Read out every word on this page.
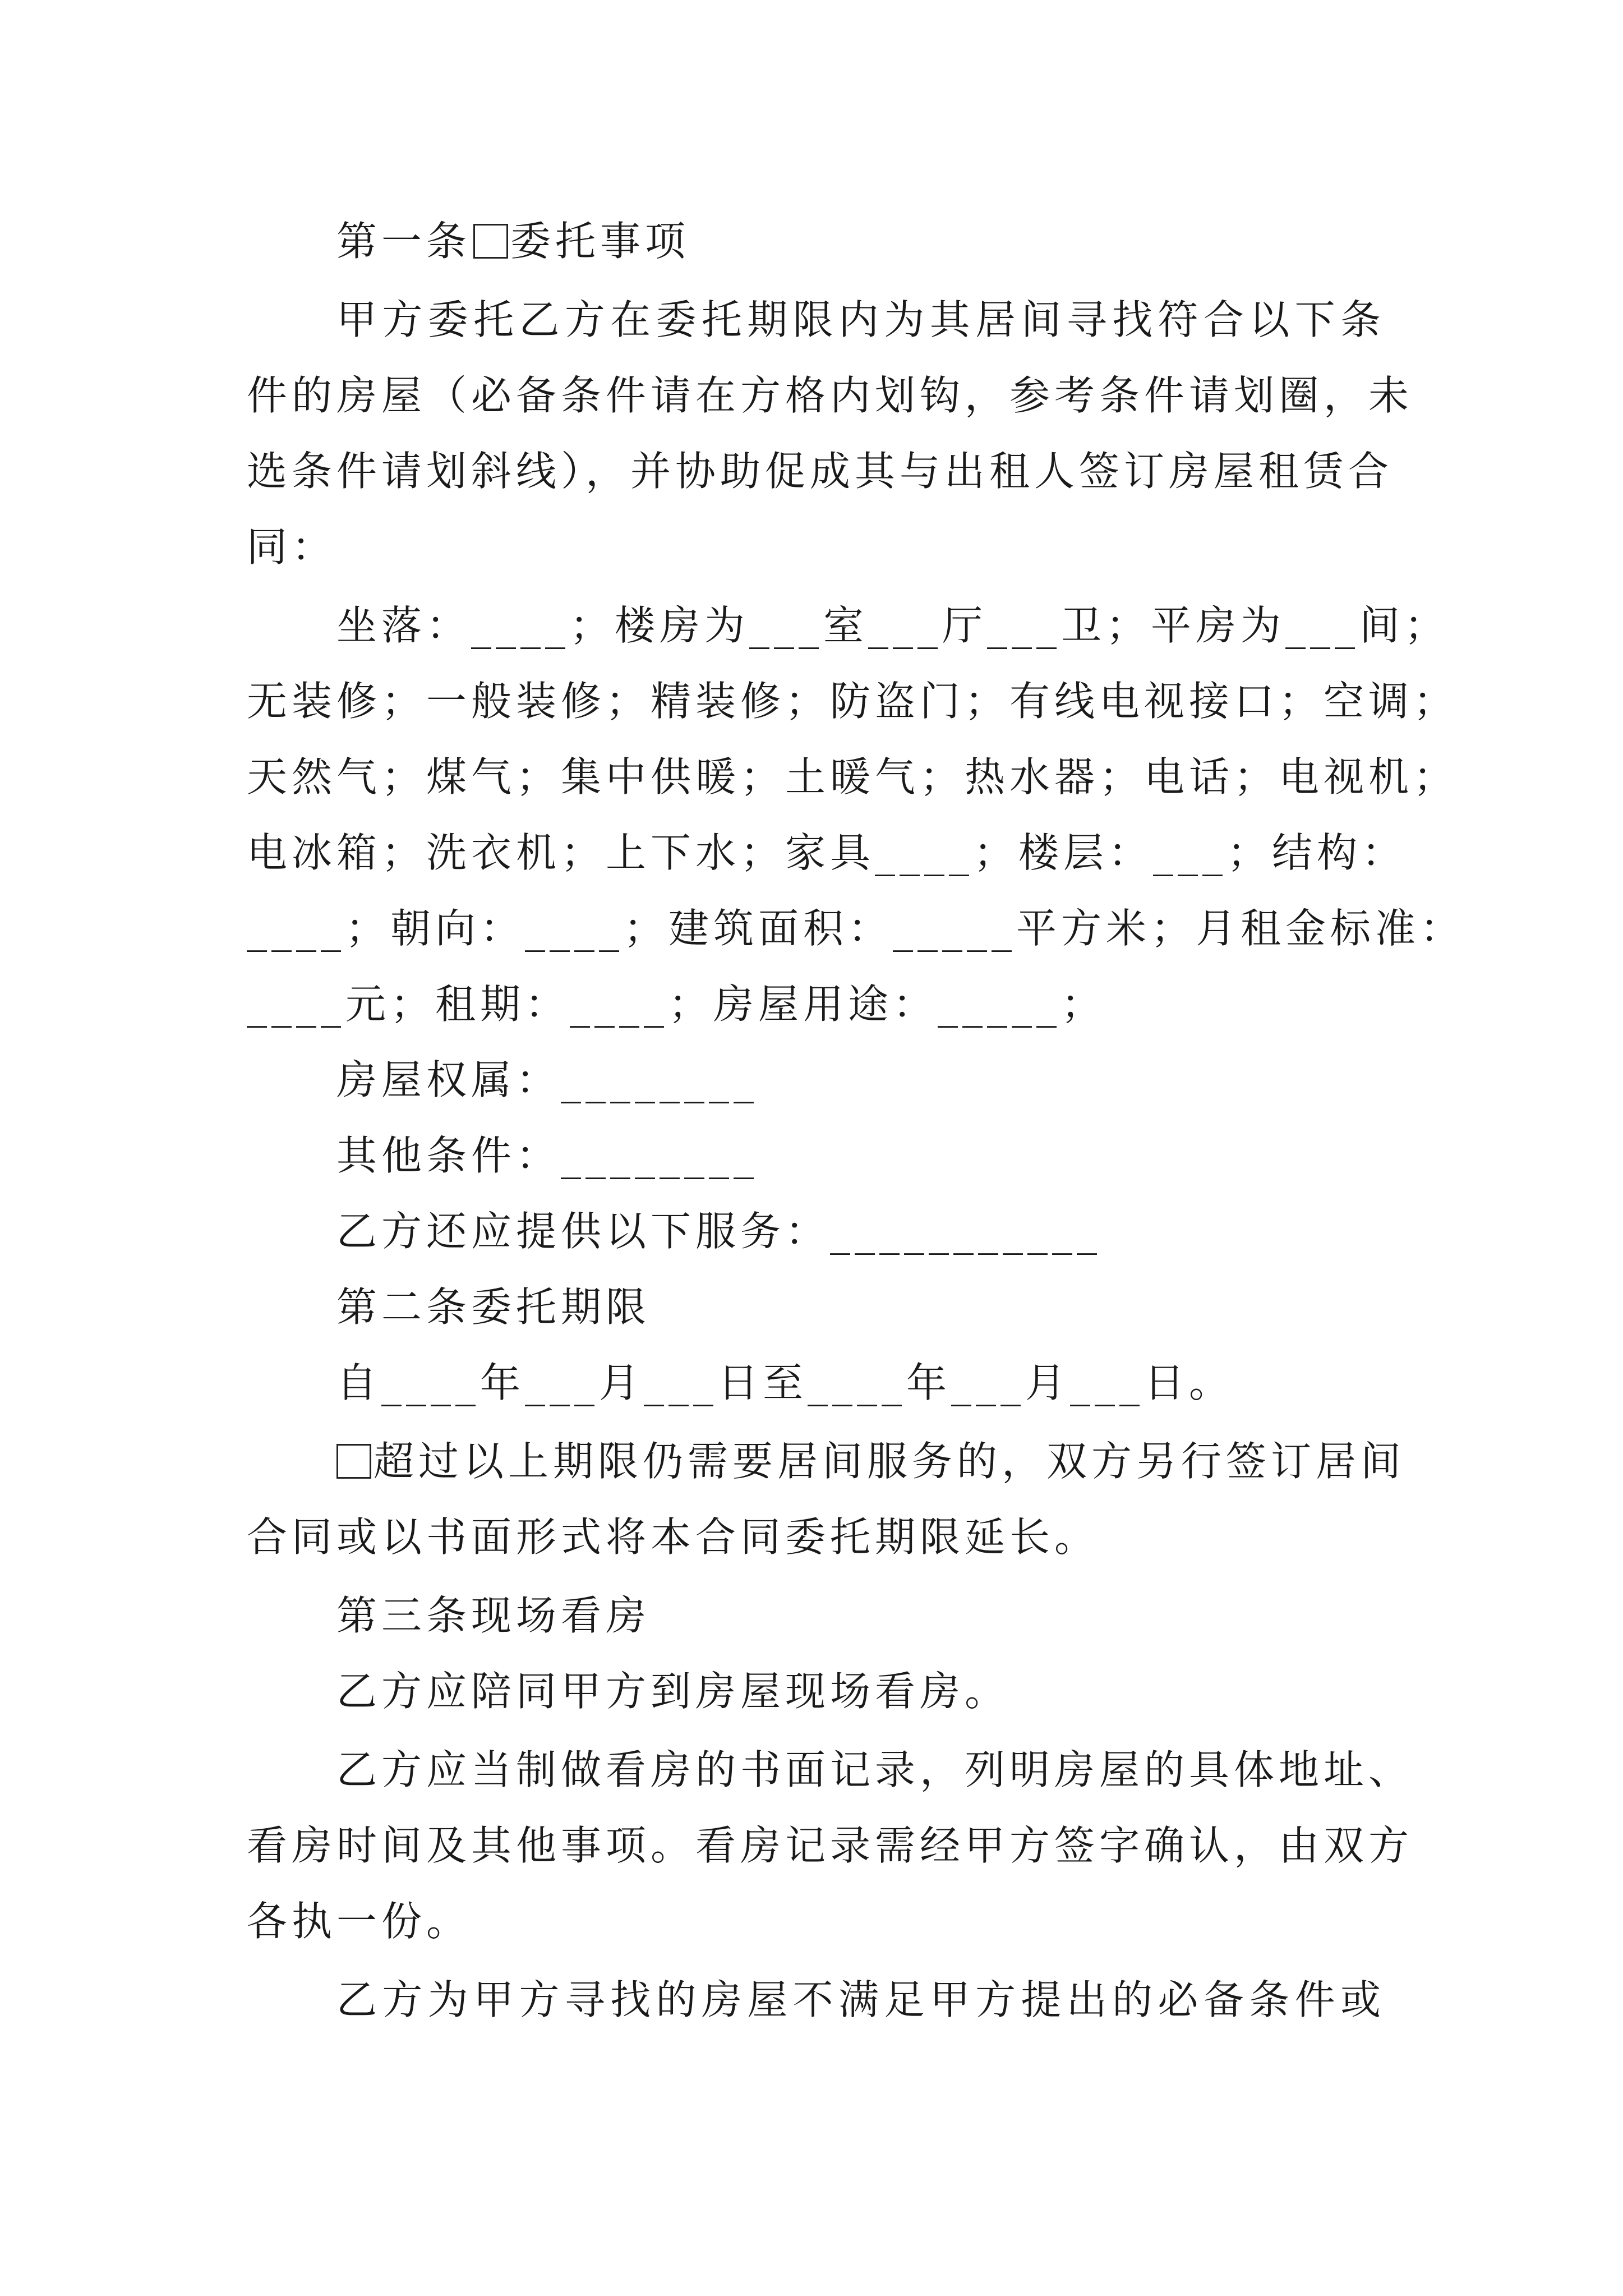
第一条 委托事项
甲方委托乙方在委托期限内为其居间寻找符合以下条
件的房屋（必备条件请在方格内划钩，参考条件请划圈，未
选条件请划斜线），并协助促成其与出租人签订房屋租赁合
同：
坐落：____；楼房为___室___厅___卫；平房为___间；
无装修；一般装修；精装修；防盗门；有线电视接口；空调；
天然气；煤气；集中供暖；土暖气；热水器；电话；电视机；
电冰箱；洗衣机；上下水；家具____；楼层：___；结构：
____；朝向：____；建筑面积：_____平方米；月租金标准：
____元；租期：____；房屋用途：_____；
房屋权属：________
其他条件：________
乙方还应提供以下服务：___________
第二条委托期限
自____年___月___日至____年___月___日。
超过以上期限仍需要居间服务的，双方另行签订居间
合同或以书面形式将本合同委托期限延长。
第三条现场看房
乙方应陪同甲方到房屋现场看房。
乙方应当制做看房的书面记录，列明房屋的具体地址、
看房时间及其他事项。看房记录需经甲方签字确认，由双方
各执一份。
乙方为甲方寻找的房屋不满足甲方提出的必备条件或
